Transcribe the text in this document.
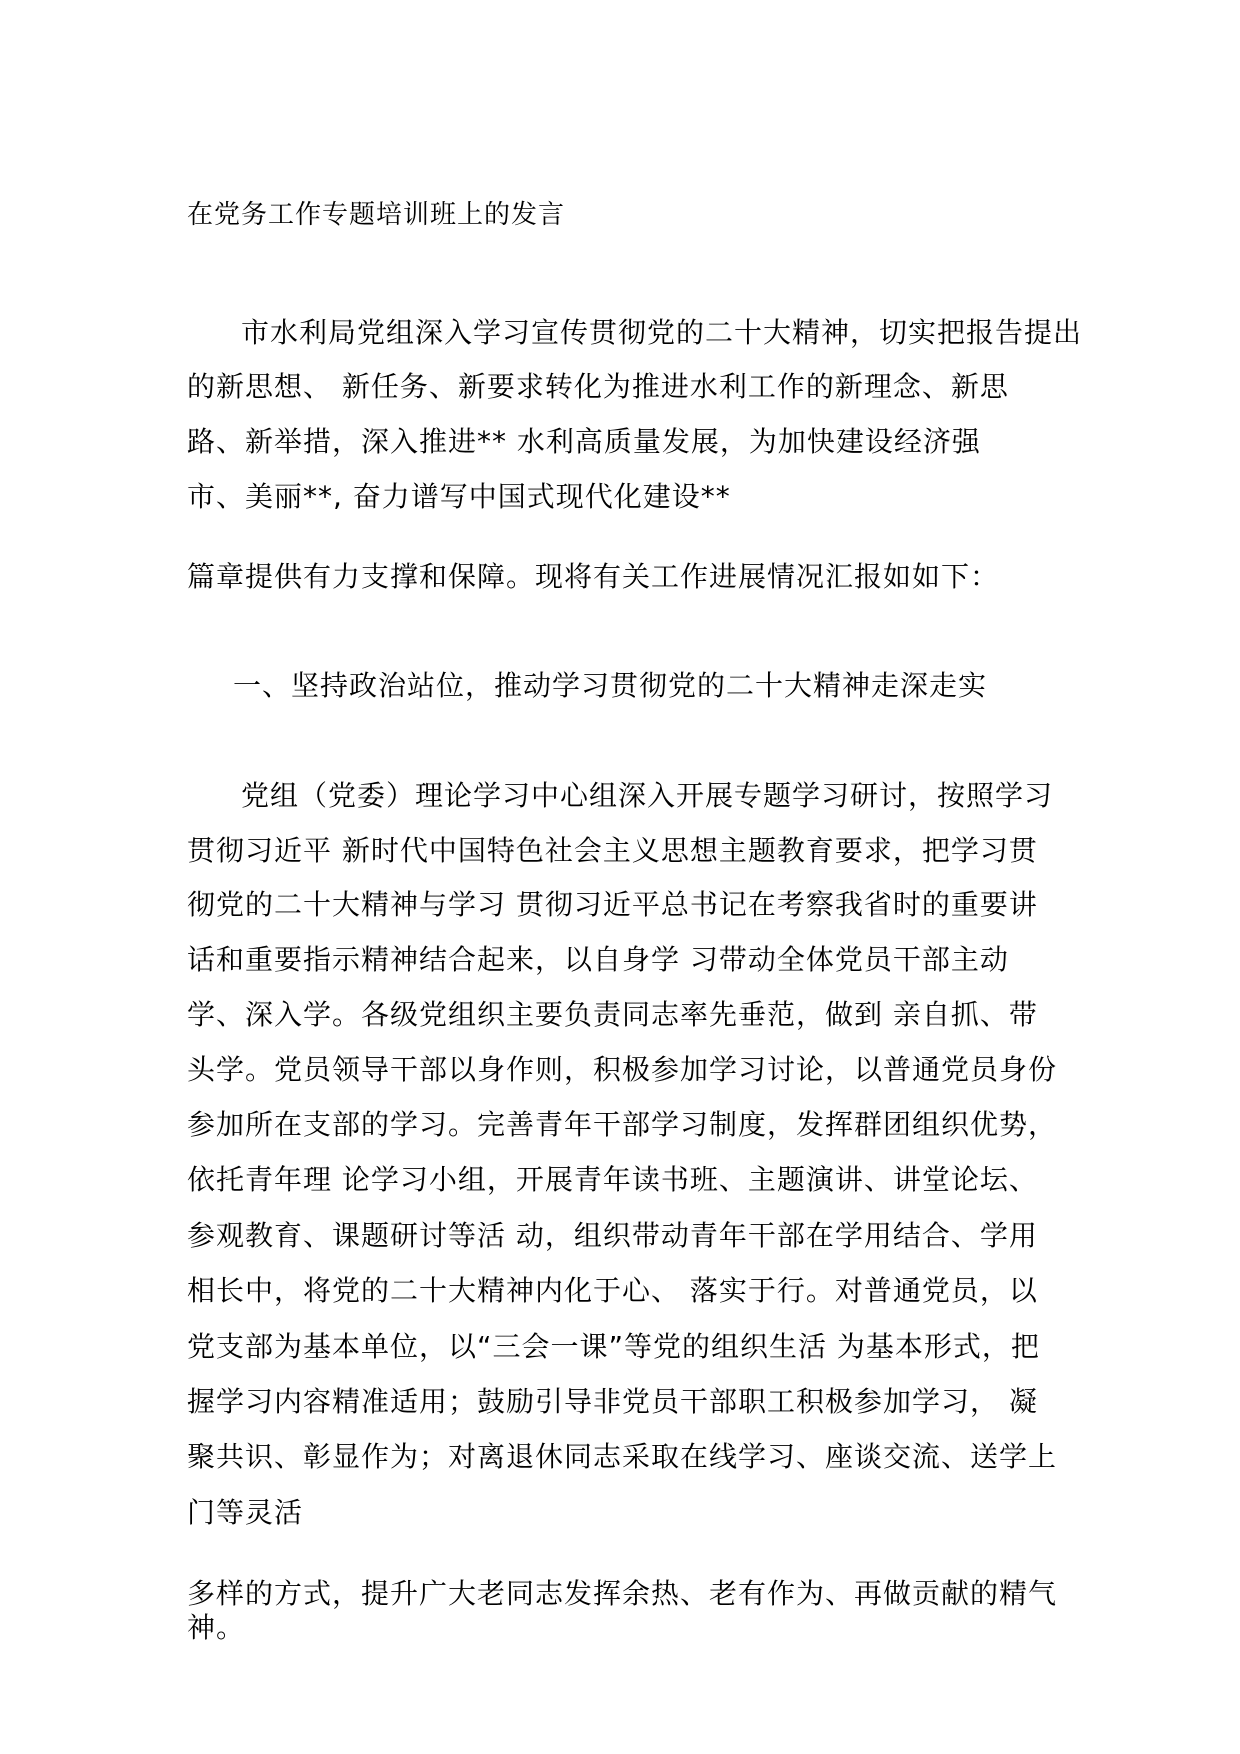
在党务工作专题培训班上的发言
市水利局党组深入学习宣传贯彻党的二十大精神，切实把报告提出
的新思想、 新任务、新要求转化为推进水利工作的新理念、新思
路、新举措，深入推进** 水利高质量发展，为加快建设经济强
市、美丽**, 奋力谱写中国式现代化建设**
篇章提供有力支撑和保障。现将有关工作进展情况汇报如如下：
一、坚持政治站位，推动学习贯彻党的二十大精神走深走实
党组（党委）理论学习中心组深入开展专题学习研讨，按照学习
贯彻习近平 新时代中国特色社会主义思想主题教育要求，把学习贯
彻党的二十大精神与学习 贯彻习近平总书记在考察我省时的重要讲
话和重要指示精神结合起来，以自身学 习带动全体党员干部主动
学、深入学。各级党组织主要负责同志率先垂范，做到 亲自抓、带
头学。党员领导干部以身作则，积极参加学习讨论，以普通党员身份
参加所在支部的学习。完善青年干部学习制度，发挥群团组织优势，
依托青年理 论学习小组，开展青年读书班、主题演讲、讲堂论坛、
参观教育、课题研讨等活 动，组织带动青年干部在学用结合、学用
相长中，将党的二十大精神内化于心、 落实于行。对普通党员，以
党支部为基本单位，以“三会一课”等党的组织生活 为基本形式，把
握学习内容精准适用；鼓励引导非党员干部职工积极参加学习， 凝
聚共识、彰显作为；对离退休同志采取在线学习、座谈交流、送学上
门等灵活
多样的方式，提升广大老同志发挥余热、老有作为、再做贡献的精气
神。
